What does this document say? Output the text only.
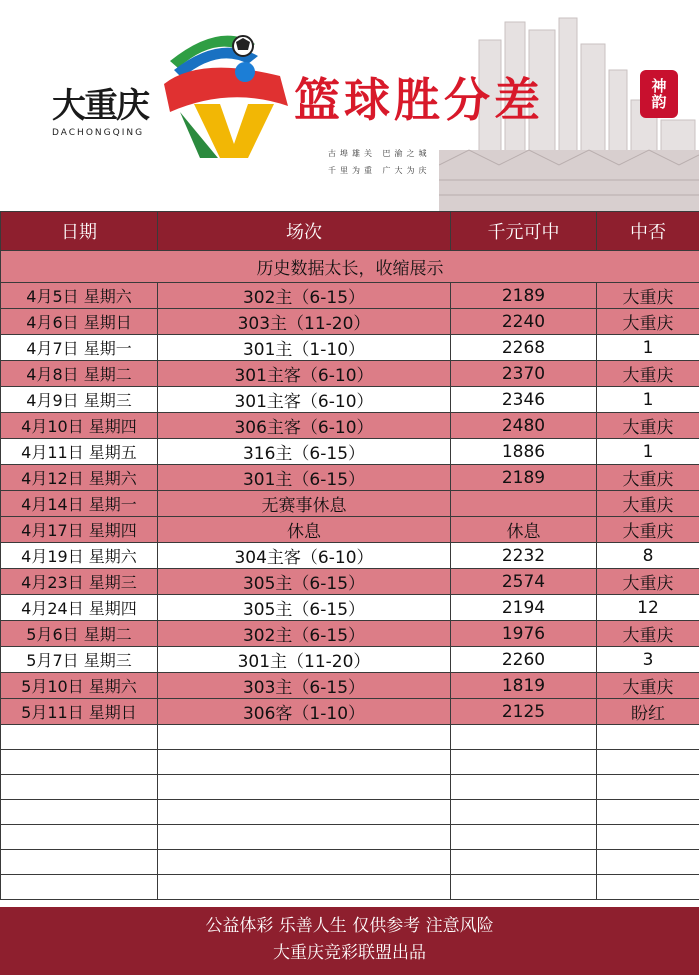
大重庆
DACHONGQING
篮球胜分差
古埠雄关 巴渝之城
千里为重 广大为庆
神韵
日期	场次	千元可中	中否
历史数据太长，收缩展示			
4月5日 星期六	302主（6-15）	2189	大重庆
4月6日 星期日	303主（11-20）	2240	大重庆
4月7日 星期一	301主（1-10）	2268	1
4月8日 星期二	301主客（6-10）	2370	大重庆
4月9日 星期三	301主客（6-10）	2346	1
4月10日 星期四	306主客（6-10）	2480	大重庆
4月11日 星期五	316主（6-15）	1886	1
4月12日 星期六	301主（6-15）	2189	大重庆
4月14日 星期一	无赛事休息		大重庆
4月17日 星期四	休息	休息	大重庆
4月19日 星期六	304主客（6-10）	2232	8
4月23日 星期三	305主（6-15）	2574	大重庆
4月24日 星期四	305主（6-15）	2194	12
5月6日 星期二	302主（6-15）	1976	大重庆
5月7日 星期三	301主（11-20）	2260	3
5月10日 星期六	303主（6-15）	1819	大重庆
5月11日 星期日	306客（1-10）	2125	盼红

公益体彩 乐善人生 仅供参考 注意风险
大重庆竞彩联盟出品
